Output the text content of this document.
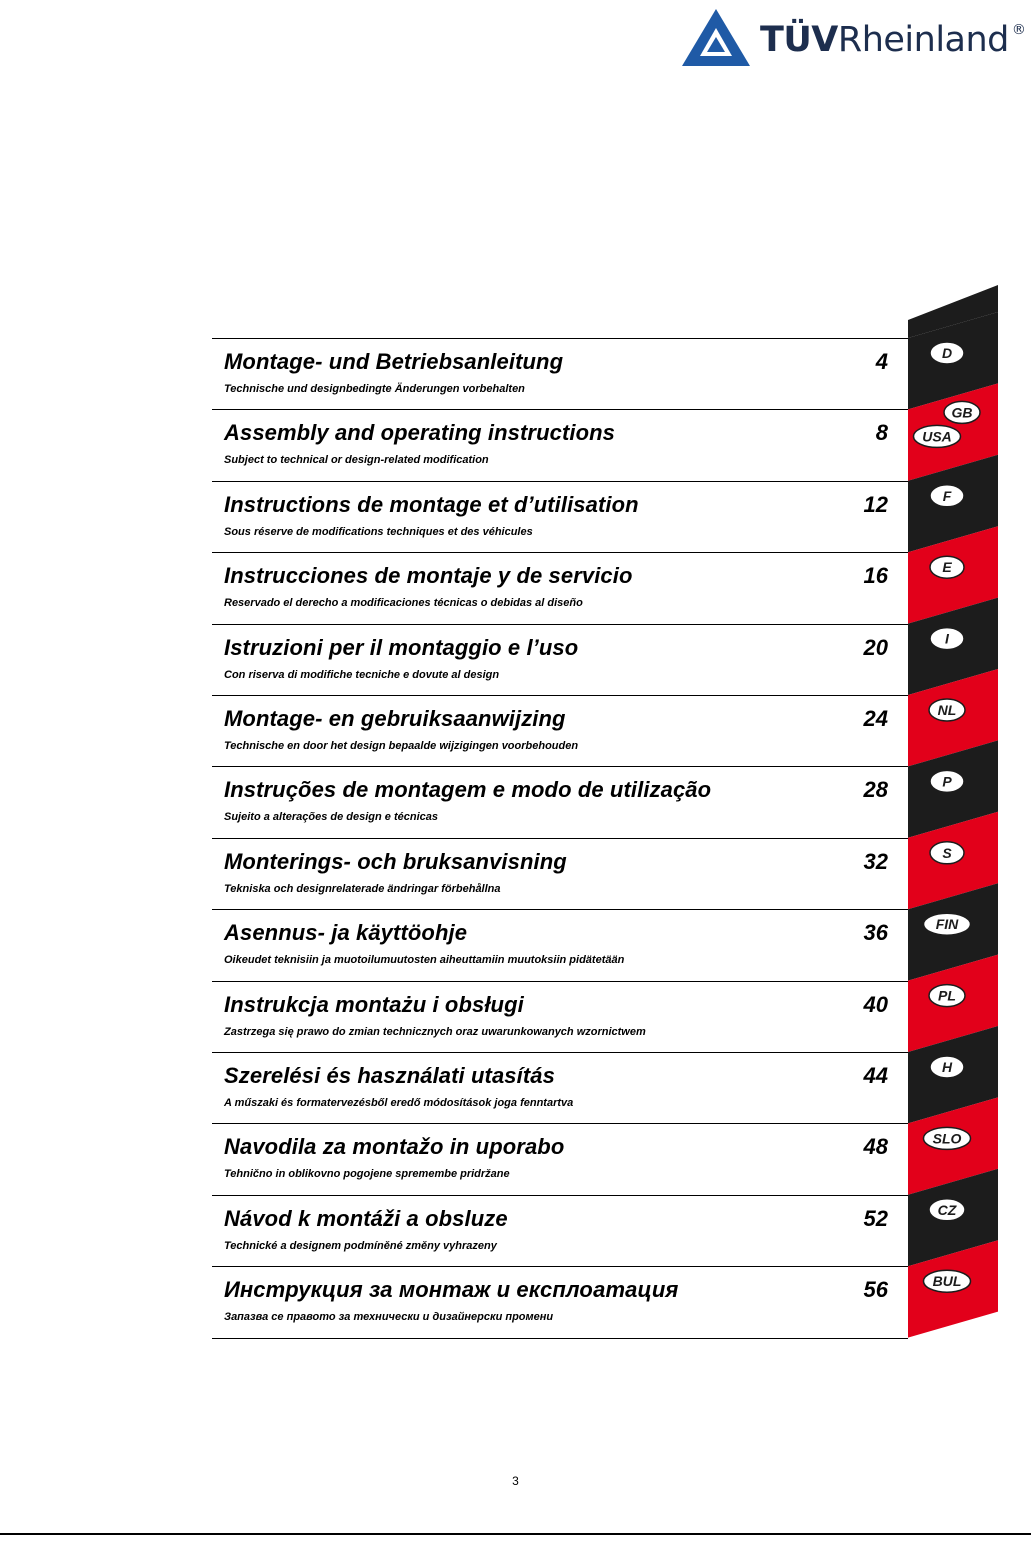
TÜVRheinland ®
Montage- und Betriebsanleitung
Technische und designbedingte Änderungen vorbehalten
4
Assembly and operating instructions
Subject to technical or design-related modification
8
Instructions de montage et d’utilisation
Sous réserve de modifications techniques et des véhicules
12
Instrucciones de montaje y de servicio
Reservado el derecho a modificaciones técnicas o debidas al diseño
16
Istruzioni per il montaggio e l’uso
Con riserva di modifiche tecniche e dovute al design
20
Montage- en gebruiksaanwijzing
Technische en door het design bepaalde wijzigingen voorbehouden
24
Instruções de montagem e modo de utilização
Sujeito a alterações de design e técnicas
28
Monterings- och bruksanvisning
Tekniska och designrelaterade ändringar förbehållna
32
Asennus- ja käyttöohje
Oikeudet teknisiin ja muotoilumuutosten aiheuttamiin muutoksiin pidätetään
36
Instrukcja montażu i obsługi
Zastrzega się prawo do zmian technicznych oraz uwarunkowanych wzornictwem
40
Szerelési és használati utasítás
A műszaki és formatervezésből eredő módosítások joga fenntartva
44
Navodila za montažo in uporabo
Tehnično in oblikovno pogojene spremembe pridržane
48
Návod k montáži a obsluze
Technické a designem podmíněné změny vyhrazeny
52
Инструкция за монтаж и експлоатация
Запазва се правото за технически и дизайнерски промени
56
D
GB
USA
F
E
I
NL
P
S
FIN
PL
H
SLO
CZ
BUL
3
